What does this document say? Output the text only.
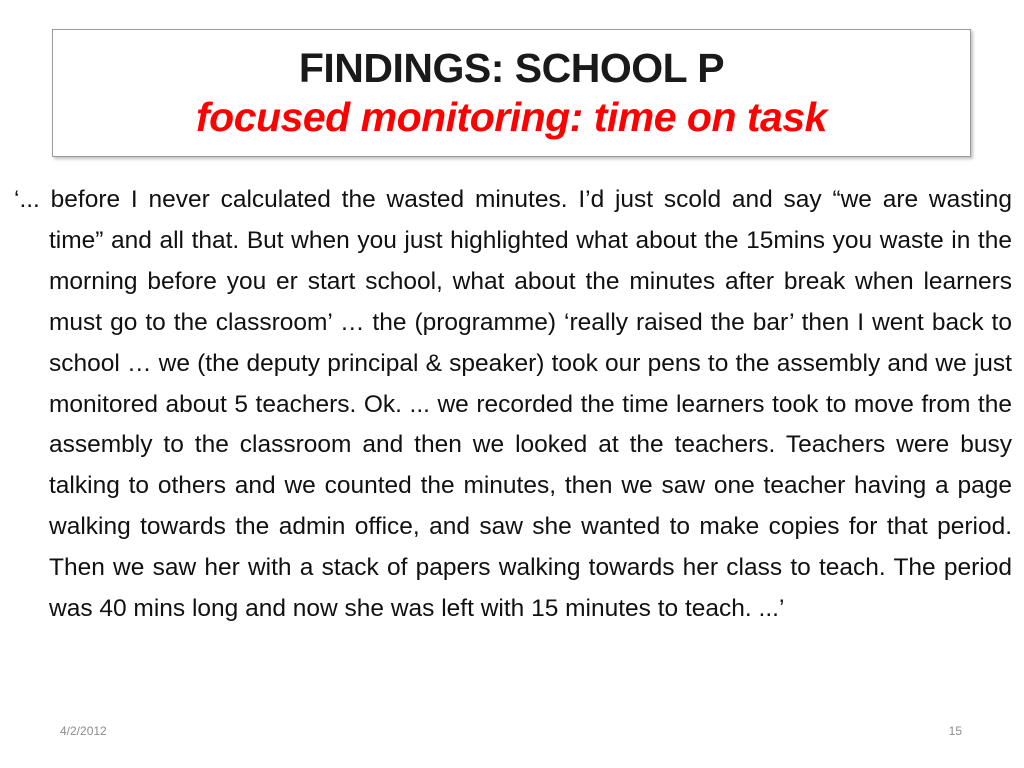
FINDINGS: SCHOOL P
focused monitoring: time on task

‘... before I never calculated the wasted minutes. I’d just scold and say “we are wasting time” and all that. But when you just highlighted what about the 15mins you waste in the morning before you er start school, what about the minutes after break when learners must go to the classroom’ … the (programme) ‘really raised the bar’ then I went back to school … we (the deputy principal & speaker) took our pens to the assembly and we just monitored about 5 teachers. Ok. ... we recorded the time learners took to move from the assembly to the classroom and then we looked at the teachers. Teachers were busy talking to others and we counted the minutes, then we saw one teacher having a page walking towards the admin office, and saw she wanted to make copies for that period. Then we saw her with a stack of papers walking towards her class to teach. The period was 40 mins long and now she was left with 15 minutes to teach. ...’

4/2/2012	15
